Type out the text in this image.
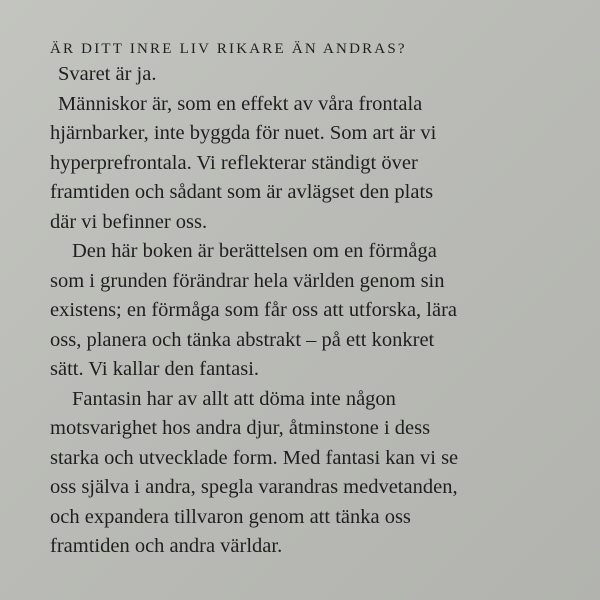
ÄR DITT INRE LIV RIKARE ÄN ANDRAS?

Svaret är ja.

Människor är, som en effekt av våra frontala
hjärnbarker, inte byggda för nuet. Som art är vi
hyperprefrontala. Vi reflekterar ständigt över
framtiden och sådant som är avlägset den plats
där vi befinner oss.

Den här boken är berättelsen om en förmåga
som i grunden förändrar hela världen genom sin
existens; en förmåga som får oss att utforska, lära
oss, planera och tänka abstrakt – på ett konkret
sätt. Vi kallar den fantasi.

Fantasin har av allt att döma inte någon
motsvarighet hos andra djur, åtminstone i dess
starka och utvecklade form. Med fantasi kan vi se
oss själva i andra, spegla varandras medvetanden,
och expandera tillvaron genom att tänka oss
framtiden och andra världar.
